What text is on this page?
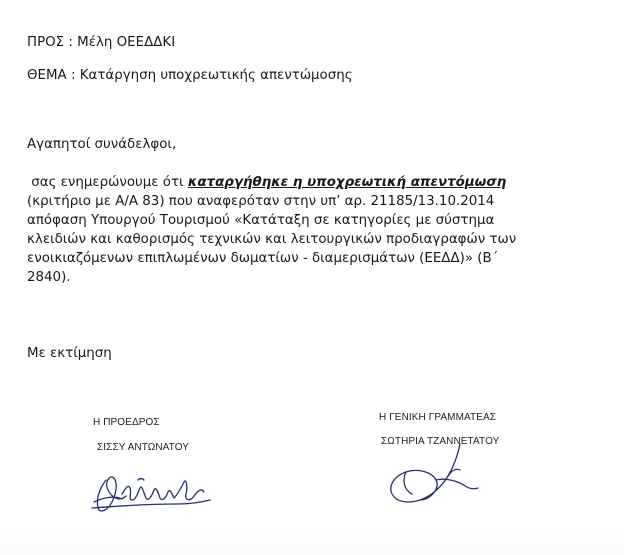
ΠΡΟΣ : Μέλη ΟΕΕΔΔΚΙ
ΘΕΜΑ : Κατάργηση υποχρεωτικής απεντώμοσης
Αγαπητοί συνάδελφοι,
σας ενημερώνουμε ότι καταργήθηκε η υποχρεωτική απεντόμωση
(κριτήριο με Α/Α 83) που αναφερόταν στην υπ’ αρ. 21185/13.10.2014
απόφαση Υπουργού Τουρισμού «Κατάταξη σε κατηγορίες με σύστημα
κλειδιών και καθορισμός τεχνικών και λειτουργικών προδιαγραφών των
ενοικιαζόμενων επιπλωμένων δωματίων - διαμερισμάτων (ΕΕΔΔ)» (Β΄
2840).
Με εκτίμηση
Η ΠΡΟΕΔΡΟΣ
ΣΙΣΣΥ ΑΝΤΩΝΑΤΟΥ
Η ΓΕΝΙΚΗ ΓΡΑΜΜΑΤΕΑΣ
ΣΩΤΗΡΙΑ ΤΖΑΝΝΕΤΑΤΟΥ
